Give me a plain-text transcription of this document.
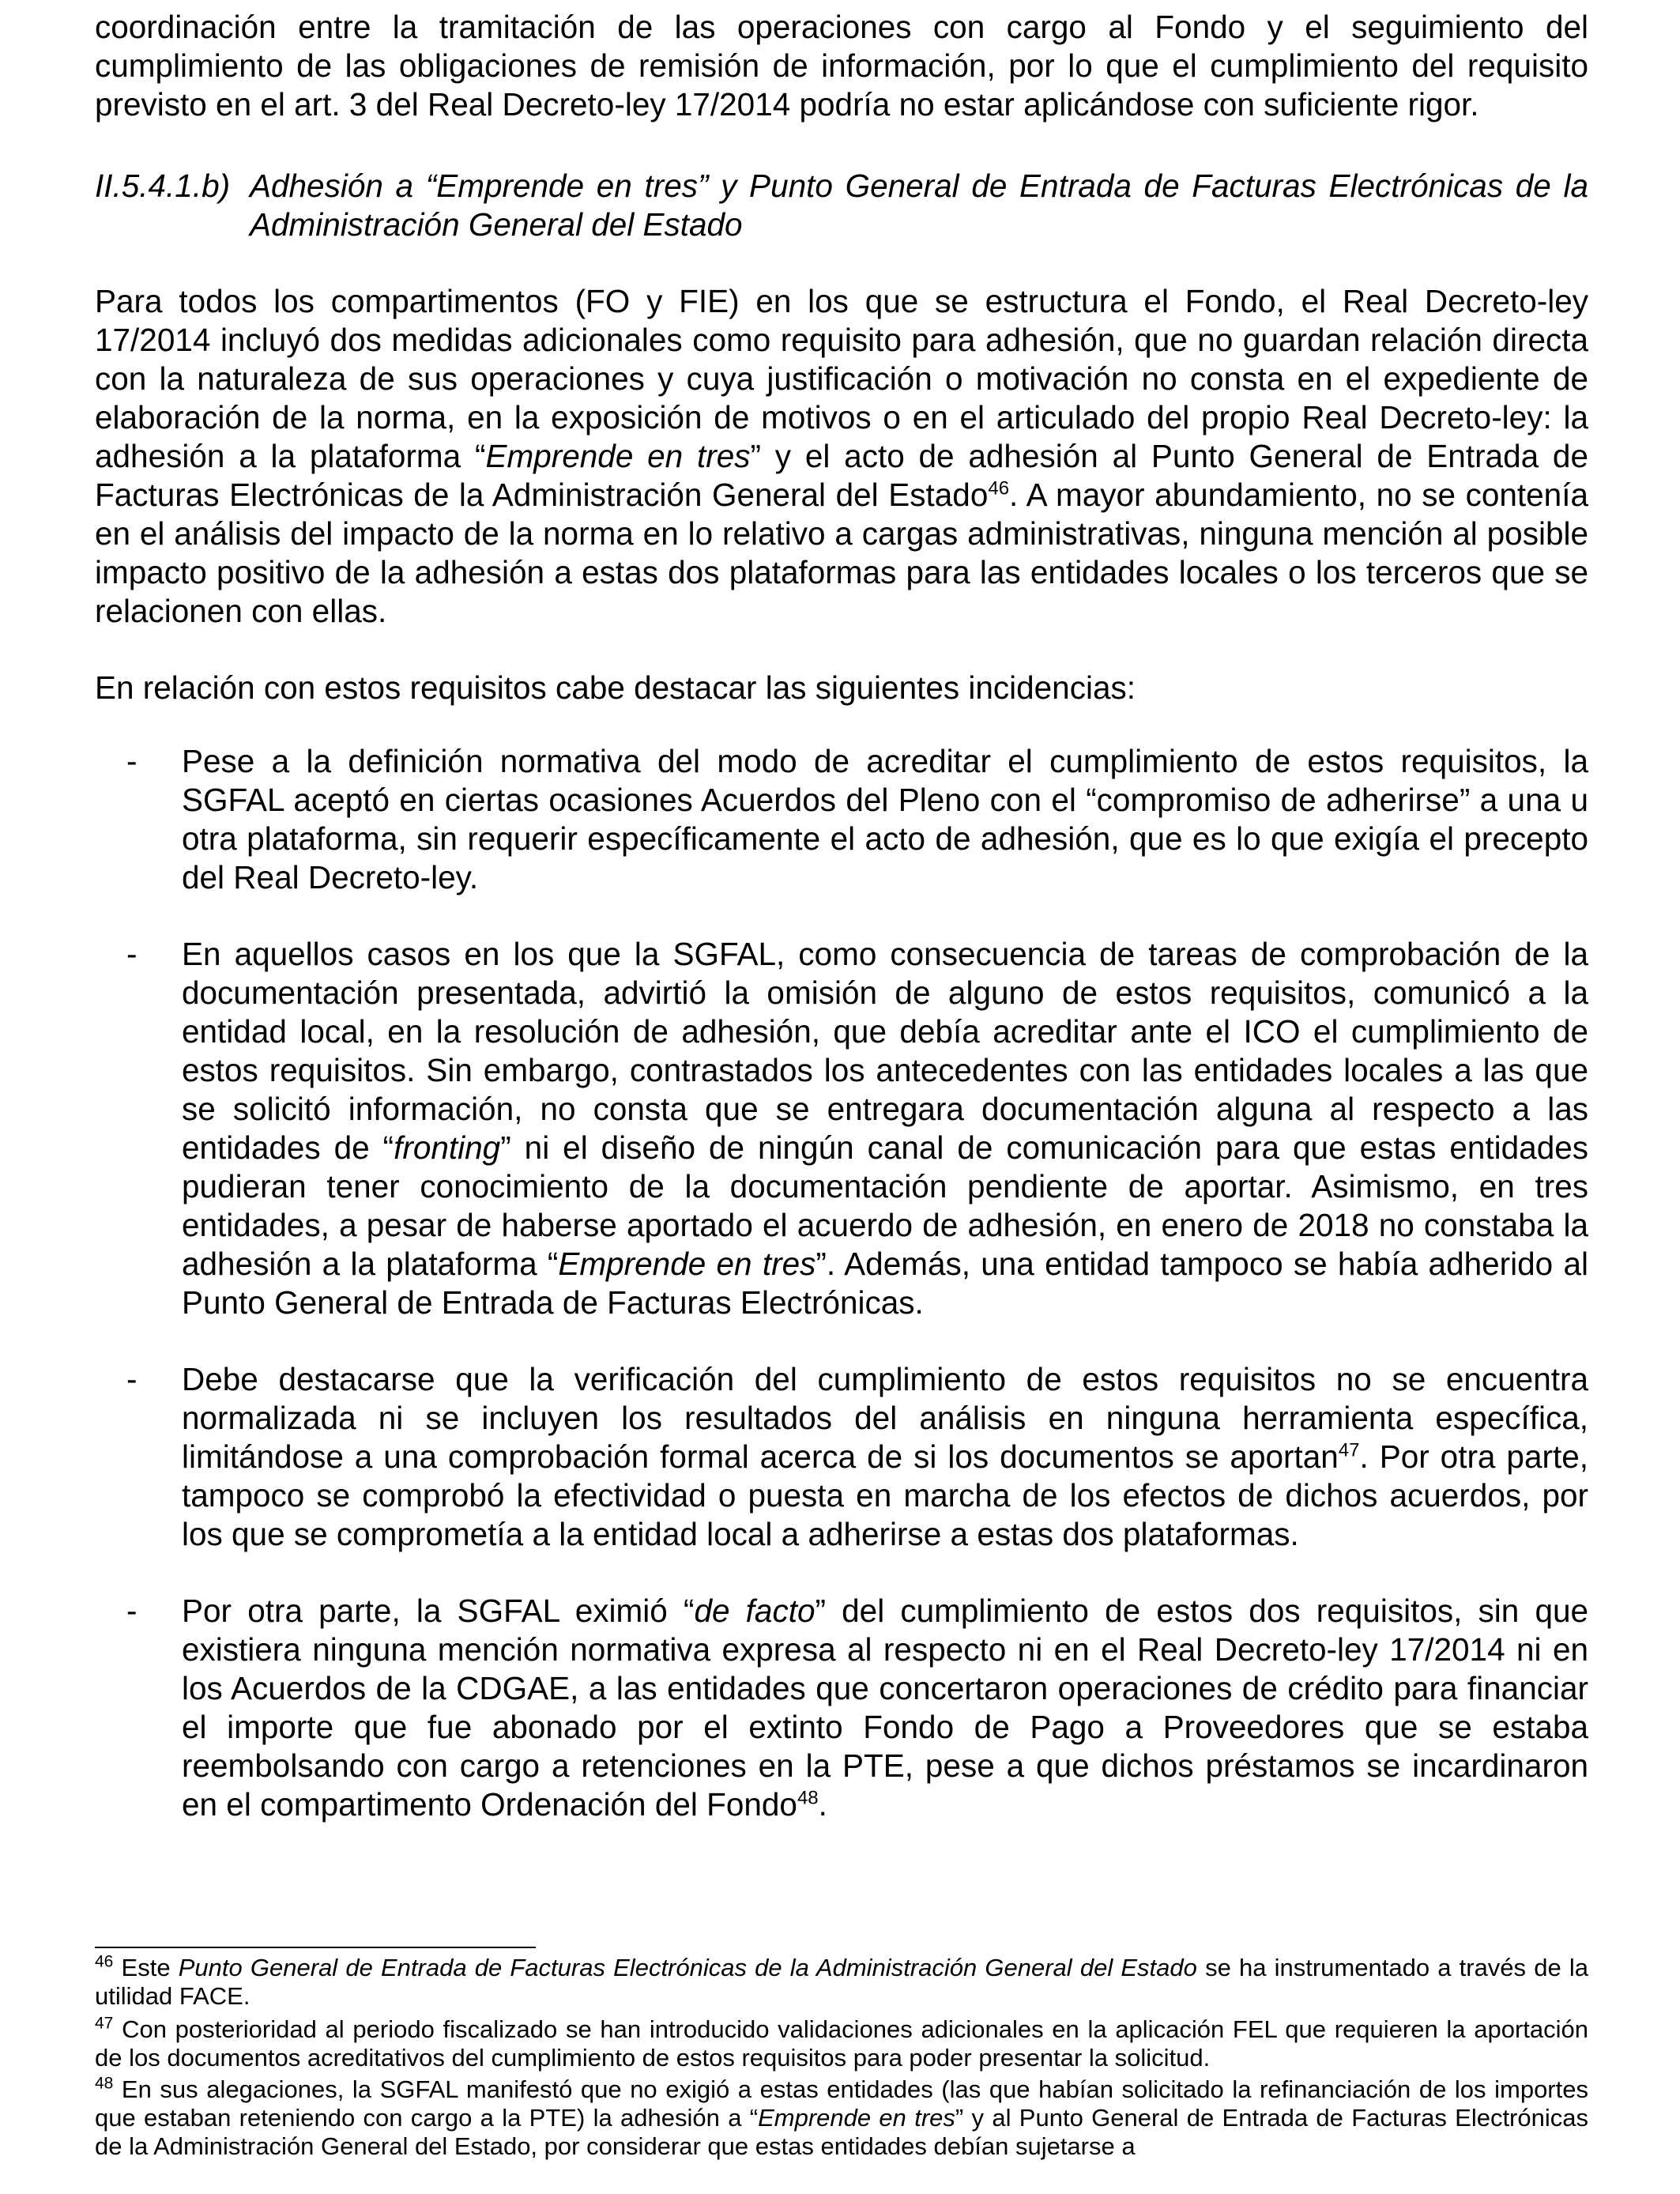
coordinación entre la tramitación de las operaciones con cargo al Fondo y el seguimiento del cumplimiento de las obligaciones de remisión de información, por lo que el cumplimiento del requisito previsto en el art. 3 del Real Decreto-ley 17/2014 podría no estar aplicándose con suficiente rigor.

II.5.4.1.b) Adhesión a “Emprende en tres” y Punto General de Entrada de Facturas Electrónicas de la Administración General del Estado

Para todos los compartimentos (FO y FIE) en los que se estructura el Fondo, el Real Decreto-ley 17/2014 incluyó dos medidas adicionales como requisito para adhesión, que no guardan relación directa con la naturaleza de sus operaciones y cuya justificación o motivación no consta en el expediente de elaboración de la norma, en la exposición de motivos o en el articulado del propio Real Decreto-ley: la adhesión a la plataforma “Emprende en tres” y el acto de adhesión al Punto General de Entrada de Facturas Electrónicas de la Administración General del Estado$^{46}$. A mayor abundamiento, no se contenía en el análisis del impacto de la norma en lo relativo a cargas administrativas, ninguna mención al posible impacto positivo de la adhesión a estas dos plataformas para las entidades locales o los terceros que se relacionen con ellas.

En relación con estos requisitos cabe destacar las siguientes incidencias:

-	Pese a la definición normativa del modo de acreditar el cumplimiento de estos requisitos, la SGFAL aceptó en ciertas ocasiones Acuerdos del Pleno con el “compromiso de adherirse” a una u otra plataforma, sin requerir específicamente el acto de adhesión, que es lo que exigía el precepto del Real Decreto-ley.
-	En aquellos casos en los que la SGFAL, como consecuencia de tareas de comprobación de la documentación presentada, advirtió la omisión de alguno de estos requisitos, comunicó a la entidad local, en la resolución de adhesión, que debía acreditar ante el ICO el cumplimiento de estos requisitos. Sin embargo, contrastados los antecedentes con las entidades locales a las que se solicitó información, no consta que se entregara documentación alguna al respecto a las entidades de “fronting” ni el diseño de ningún canal de comunicación para que estas entidades pudieran tener conocimiento de la documentación pendiente de aportar. Asimismo, en tres entidades, a pesar de haberse aportado el acuerdo de adhesión, en enero de 2018 no constaba la adhesión a la plataforma “Emprende en tres”. Además, una entidad tampoco se había adherido al Punto General de Entrada de Facturas Electrónicas.
-	Debe destacarse que la verificación del cumplimiento de estos requisitos no se encuentra normalizada ni se incluyen los resultados del análisis en ninguna herramienta específica, limitándose a una comprobación formal acerca de si los documentos se aportan$^{47}$. Por otra parte, tampoco se comprobó la efectividad o puesta en marcha de los efectos de dichos acuerdos, por los que se comprometía a la entidad local a adherirse a estas dos plataformas.
-	Por otra parte, la SGFAL eximió “de facto” del cumplimiento de estos dos requisitos, sin que existiera ninguna mención normativa expresa al respecto ni en el Real Decreto-ley 17/2014 ni en los Acuerdos de la CDGAE, a las entidades que concertaron operaciones de crédito para financiar el importe que fue abonado por el extinto Fondo de Pago a Proveedores que se estaba reembolsando con cargo a retenciones en la PTE, pese a que dichos préstamos se incardinaron en el compartimento Ordenación del Fondo$^{48}$.
$^{46}$ Este Punto General de Entrada de Facturas Electrónicas de la Administración General del Estado se ha instrumentado a través de la utilidad FACE.
$^{47}$ Con posterioridad al periodo fiscalizado se han introducido validaciones adicionales en la aplicación FEL que requieren la aportación de los documentos acreditativos del cumplimiento de estos requisitos para poder presentar la solicitud.
$^{48}$ En sus alegaciones, la SGFAL manifestó que no exigió a estas entidades (las que habían solicitado la refinanciación de los importes que estaban reteniendo con cargo a la PTE) la adhesión a “Emprende en tres” y al Punto General de Entrada de Facturas Electrónicas de la Administración General del Estado, por considerar que estas entidades debían sujetarse a
